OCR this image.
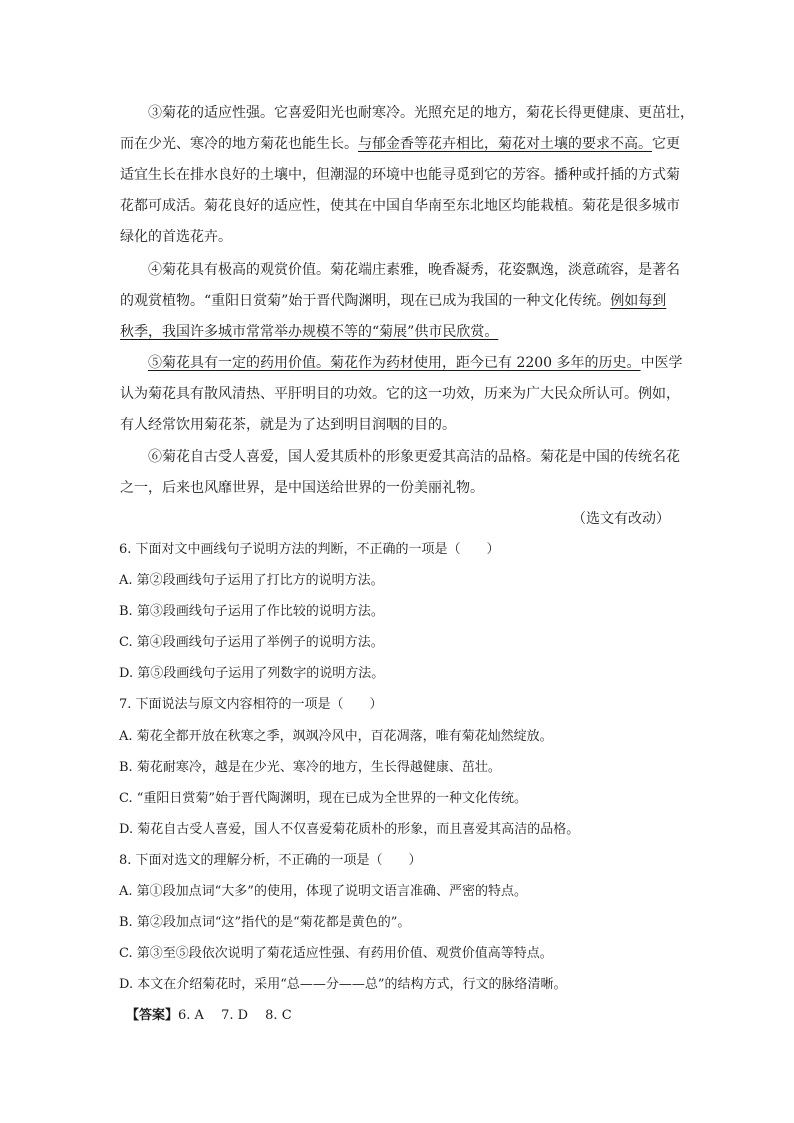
③菊花的适应性强。它喜爱阳光也耐寒冷。光照充足的地方，菊花长得更健康、更茁壮，
而在少光、寒冷的地方菊花也能生长。与郁金香等花卉相比，菊花对土壤的要求不高。它更
适宜生长在排水良好的土壤中，但潮湿的环境中也能寻觅到它的芳容。播种或扦插的方式菊
花都可成活。菊花良好的适应性，使其在中国自华南至东北地区均能栽植。菊花是很多城市
绿化的首选花卉。
④菊花具有极高的观赏价值。菊花端庄素雅，晚香凝秀，花姿飘逸，淡意疏容，是著名
的观赏植物。“重阳日赏菊”始于晋代陶渊明，现在已成为我国的一种文化传统。例如每到
秋季，我国许多城市常常举办规模不等的“菊展”供市民欣赏。
⑤菊花具有一定的药用价值。菊花作为药材使用，距今已有 2200 多年的历史。中医学
认为菊花具有散风清热、平肝明目的功效。它的这一功效，历来为广大民众所认可。例如，
有人经常饮用菊花茶，就是为了达到明目润咽的目的。
⑥菊花自古受人喜爱，国人爱其质朴的形象更爱其高洁的品格。菊花是中国的传统名花
之一，后来也风靡世界，是中国送给世界的一份美丽礼物。
（选文有改动）
6. 下面对文中画线句子说明方法的判断，不正确的一项是（　　）
A. 第②段画线句子运用了打比方的说明方法。
B. 第③段画线句子运用了作比较的说明方法。
C. 第④段画线句子运用了举例子的说明方法。
D. 第⑤段画线句子运用了列数字的说明方法。
7. 下面说法与原文内容相符的一项是（　　）
A. 菊花全都开放在秋寒之季，飒飒冷风中，百花凋落，唯有菊花灿然绽放。
B. 菊花耐寒冷，越是在少光、寒冷的地方，生长得越健康、茁壮。
C. “重阳日赏菊”始于晋代陶渊明，现在已成为全世界的一种文化传统。
D. 菊花自古受人喜爱，国人不仅喜爱菊花质朴的形象，而且喜爱其高洁的品格。
8. 下面对选文的理解分析，不正确的一项是（　　）
A. 第①段加点词“大多”的使用，体现了说明文语言准确、严密的特点。
B. 第②段加点词“这”指代的是“菊花都是黄色的”。
C. 第③至⑤段依次说明了菊花适应性强、有药用价值、观赏价值高等特点。
D. 本文在介绍菊花时，采用“总——分——总”的结构方式，行文的脉络清晰。
【答案】6. A　 7. D　 8. C
